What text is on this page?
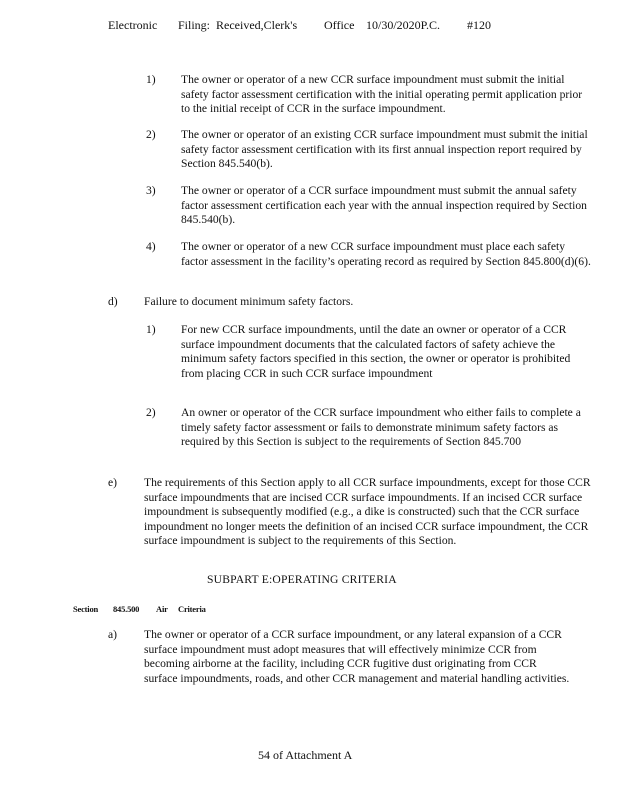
Electronic Filing: Received,Clerk's Office 10/30/2020P.C. #120
1) The owner or operator of a new CCR surface impoundment must submit the initial safety factor assessment certification with the initial operating permit application prior to the initial receipt of CCR in the surface impoundment.
2) The owner or operator of an existing CCR surface impoundment must submit the initial safety factor assessment certification with its first annual inspection report required by Section 845.540(b).
3) The owner or operator of a CCR surface impoundment must submit the annual safety factor assessment certification each year with the annual inspection required by Section 845.540(b).
4) The owner or operator of a new CCR surface impoundment must place each safety factor assessment in the facility’s operating record as required by Section 845.800(d)(6).
d) Failure to document minimum safety factors.
1) For new CCR surface impoundments, until the date an owner or operator of a CCR surface impoundment documents that the calculated factors of safety achieve the minimum safety factors specified in this section, the owner or operator is prohibited from placing CCR in such CCR surface impoundment
2) An owner or operator of the CCR surface impoundment who either fails to complete a timely safety factor assessment or fails to demonstrate minimum safety factors as required by this Section is subject to the requirements of Section 845.700
e) The requirements of this Section apply to all CCR surface impoundments, except for those CCR surface impoundments that are incised CCR surface impoundments. If an incised CCR surface impoundment is subsequently modified (e.g., a dike is constructed) such that the CCR surface impoundment no longer meets the definition of an incised CCR surface impoundment, the CCR surface impoundment is subject to the requirements of this Section.
SUBPART E:OPERATING CRITERIA
Section 845.500 Air Criteria
a) The owner or operator of a CCR surface impoundment, or any lateral expansion of a CCR surface impoundment must adopt measures that will effectively minimize CCR from becoming airborne at the facility, including CCR fugitive dust originating from CCR surface impoundments, roads, and other CCR management and material handling activities.
54 of Attachment A
